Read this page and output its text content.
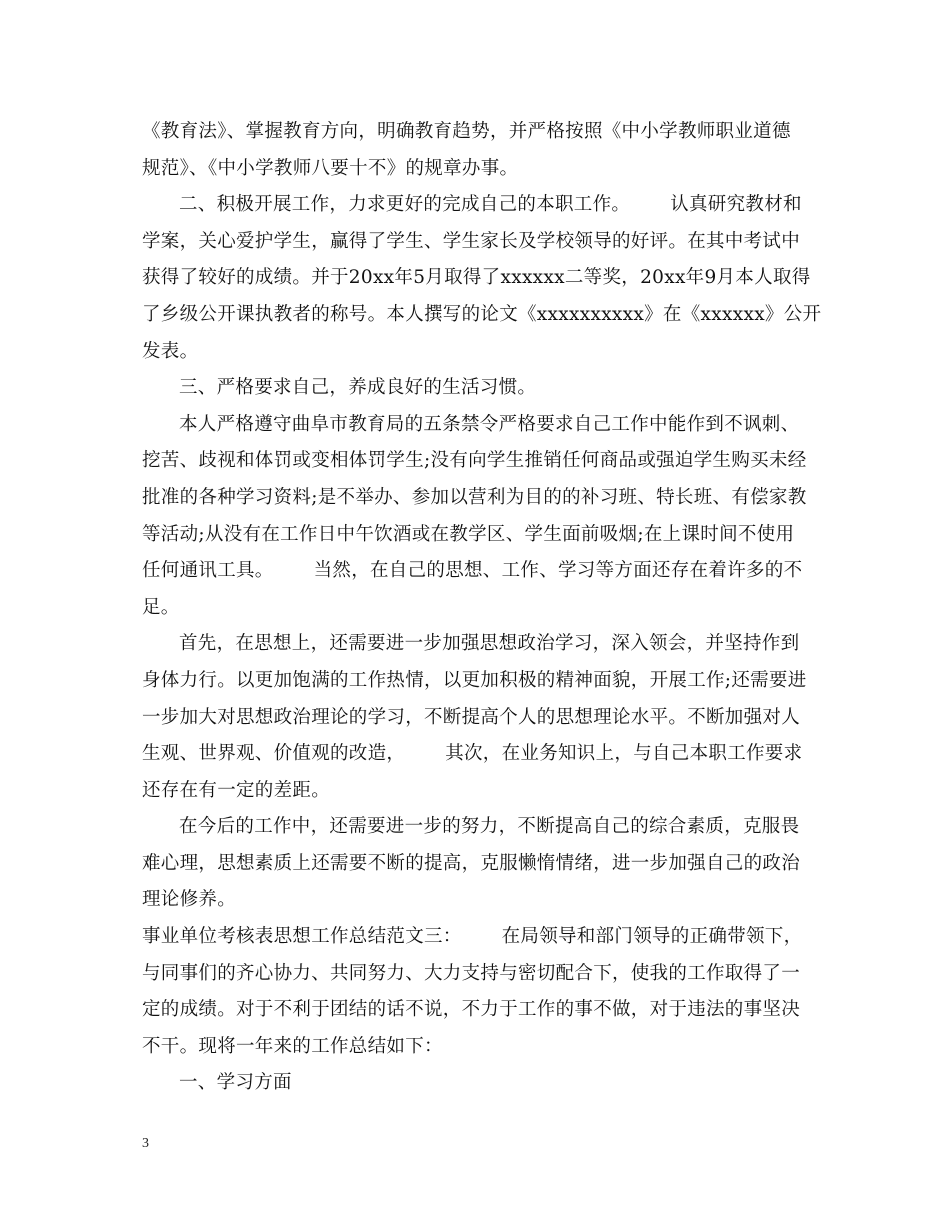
《教育法》、掌握教育方向，明确教育趋势，并严格按照《中小学教师职业道德
规范》、《中小学教师八要十不》的规章办事。
二、积极开展工作，力求更好的完成自己的本职工作。 认真研究教材和
学案，关心爱护学生，赢得了学生、学生家长及学校领导的好评。在其中考试中
获得了较好的成绩。并于20xx年5月取得了xxxxxx二等奖，20xx年9月本人取得
了乡级公开课执教者的称号。本人撰写的论文《xxxxxxxxxx》在《xxxxxx》公开
发表。
三、严格要求自己，养成良好的生活习惯。
本人严格遵守曲阜市教育局的五条禁令严格要求自己工作中能作到不讽刺、
挖苦、歧视和体罚或变相体罚学生;没有向学生推销任何商品或强迫学生购买未经
批准的各种学习资料;是不举办、参加以营利为目的的补习班、特长班、有偿家教
等活动;从没有在工作日中午饮酒或在教学区、学生面前吸烟;在上课时间不使用
任何通讯工具。 当然，在自己的思想、工作、学习等方面还存在着许多的不
足。
首先，在思想上，还需要进一步加强思想政治学习，深入领会，并坚持作到
身体力行。以更加饱满的工作热情，以更加积极的精神面貌，开展工作;还需要进
一步加大对思想政治理论的学习，不断提高个人的思想理论水平。不断加强对人
生观、世界观、价值观的改造， 其次，在业务知识上，与自己本职工作要求
还存在有一定的差距。
在今后的工作中，还需要进一步的努力，不断提高自己的综合素质，克服畏
难心理，思想素质上还需要不断的提高，克服懒惰情绪，进一步加强自己的政治
理论修养。
事业单位考核表思想工作总结范文三： 在局领导和部门领导的正确带领下，
与同事们的齐心协力、共同努力、大力支持与密切配合下，使我的工作取得了一
定的成绩。对于不利于团结的话不说，不力于工作的事不做，对于违法的事坚决
不干。现将一年来的工作总结如下：
一、学习方面
3
